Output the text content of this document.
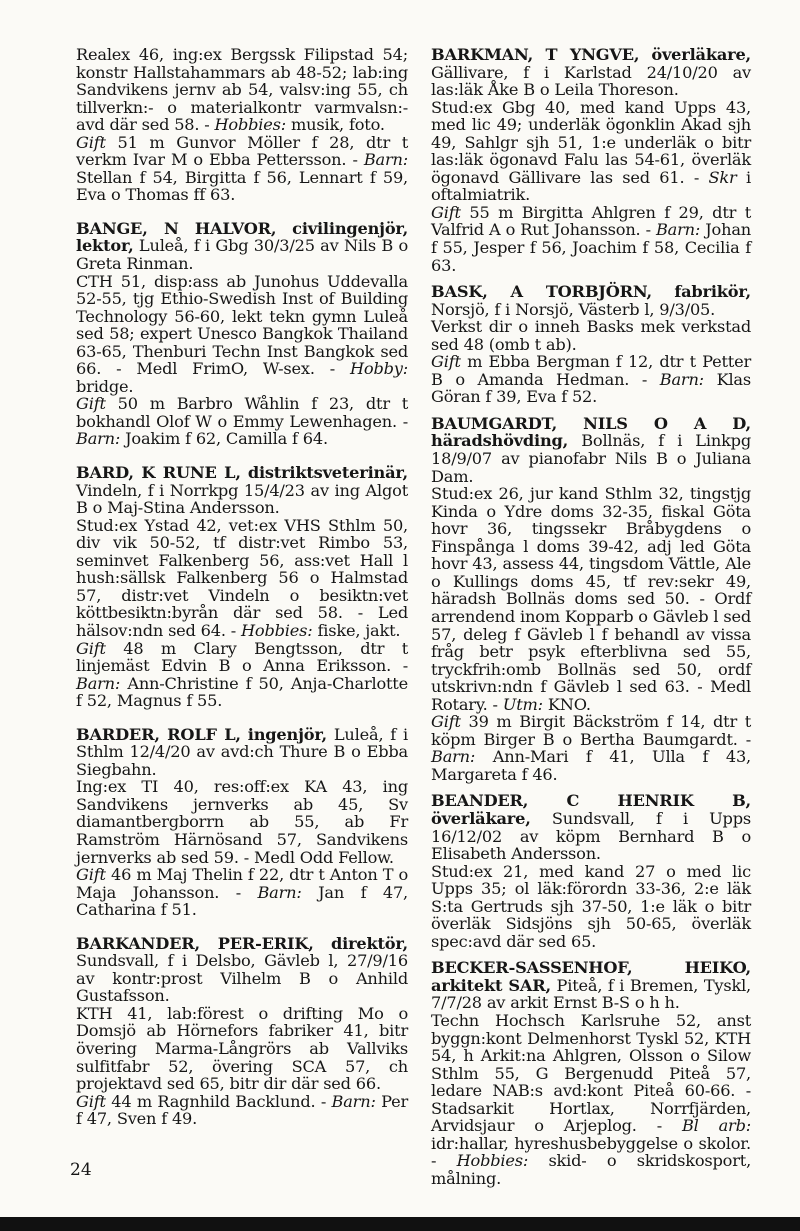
Realex 46, ing:ex Bergssk Filipstad 54; konstr Hallstahammars ab 48-52; lab:ing Sandvikens jernv ab 54, valsv:ing 55, ch tillverkn:- o materialkontr varmvalsn:- avd där sed 58. - Hobbies: musik, foto.

Gift 51 m Gunvor Möller f 28, dtr t verkm Ivar M o Ebba Pettersson. - Barn: Stellan f 54, Birgitta f 56, Lennart f 59, Eva o Thomas ff 63.

BANGE, N HALVOR, civilingenjör, lektor, Luleå, f i Gbg 30/3/25 av Nils B o Greta Rinman.

CTH 51, disp:ass ab Junohus Uddevalla 52-55, tjg Ethio-Swedish Inst of Building Technology 56-60, lekt tekn gymn Luleå sed 58; expert Unesco Bangkok Thailand 63-65, Thenburi Techn Inst Bangkok sed 66. - Medl FrimO, W-sex. - Hobby: bridge.

Gift 50 m Barbro Wåhlin f 23, dtr t bokhandl Olof W o Emmy Lewenhagen. - Barn: Joakim f 62, Camilla f 64.

BARD, K RUNE L, distriktsveterinär, Vindeln, f i Norrkpg 15/4/23 av ing Algot B o Maj-Stina Andersson.

Stud:ex Ystad 42, vet:ex VHS Sthlm 50, div vik 50-52, tf distr:vet Rimbo 53, seminvet Falkenberg 56, ass:vet Hall l hush:sällsk Falkenberg 56 o Halmstad 57, distr:vet Vindeln o besiktn:vet köttbesiktn:byrån där sed 58. - Led hälsov:ndn sed 64. - Hobbies: fiske, jakt.

Gift 48 m Clary Bengtsson, dtr t linjemäst Edvin B o Anna Eriksson. - Barn: Ann-Christine f 50, Anja-Charlotte f 52, Magnus f 55.

BARDER, ROLF L, ingenjör, Luleå, f i Sthlm 12/4/20 av avd:ch Thure B o Ebba Siegbahn.

Ing:ex TI 40, res:off:ex KA 43, ing Sandvikens jernverks ab 45, Sv diamantbergborrn ab 55, ab Fr Ramström Härnösand 57, Sandvikens jernverks ab sed 59. - Medl Odd Fellow.

Gift 46 m Maj Thelin f 22, dtr t Anton T o Maja Johansson. - Barn: Jan f 47, Catharina f 51.

BARKANDER, PER-ERIK, direktör, Sundsvall, f i Delsbo, Gävleb l, 27/9/16 av kontr:prost Vilhelm B o Anhild Gustafsson.

KTH 41, lab:förest o drifting Mo o Domsjö ab Hörnefors fabriker 41, bitr övering Marma-Långrörs ab Vallviks sulfitfabr 52, övering SCA 57, ch projektavd sed 65, bitr dir där sed 66.

Gift 44 m Ragnhild Backlund. - Barn: Per f 47, Sven f 49.

BARKMAN, T YNGVE, överläkare, Gällivare, f i Karlstad 24/10/20 av las:läk Åke B o Leila Thoreson.

Stud:ex Gbg 40, med kand Upps 43, med lic 49; underläk ögonklin Akad sjh 49, Sahlgr sjh 51, 1:e underläk o bitr las:läk ögonavd Falu las 54-61, överläk ögonavd Gällivare las sed 61. - Skr i oftalmiatrik.

Gift 55 m Birgitta Ahlgren f 29, dtr t Valfrid A o Rut Johansson. - Barn: Johan f 55, Jesper f 56, Joachim f 58, Cecilia f 63.

BASK, A TORBJÖRN, fabrikör, Norsjö, f i Norsjö, Västerb l, 9/3/05.

Verkst dir o inneh Basks mek verkstad sed 48 (omb t ab).

Gift m Ebba Bergman f 12, dtr t Petter B o Amanda Hedman. - Barn: Klas Göran f 39, Eva f 52.

BAUMGARDT, NILS O A D, häradshövding, Bollnäs, f i Linkpg 18/9/07 av pianofabr Nils B o Juliana Dam.

Stud:ex 26, jur kand Sthlm 32, tingstjg Kinda o Ydre doms 32-35, fiskal Göta hovr 36, tingssekr Bråbygdens o Finspånga l doms 39-42, adj led Göta hovr 43, assess 44, tingsdom Vättle, Ale o Kullings doms 45, tf rev:sekr 49, häradsh Bollnäs doms sed 50. - Ordf arrendend inom Kopparb o Gävleb l sed 57, deleg f Gävleb l f behandl av vissa fråg betr psyk efterblivna sed 55, tryckfrih:omb Bollnäs sed 50, ordf utskrivn:ndn f Gävleb l sed 63. - Medl Rotary. - Utm: KNO.

Gift 39 m Birgit Bäckström f 14, dtr t köpm Birger B o Bertha Baumgardt. - Barn: Ann-Mari f 41, Ulla f 43, Margareta f 46.

BEANDER, C HENRIK B, överläkare, Sundsvall, f i Upps 16/12/02 av köpm Bernhard B o Elisabeth Andersson.

Stud:ex 21, med kand 27 o med lic Upps 35; ol läk:förordn 33-36, 2:e läk S:ta Gertruds sjh 37-50, 1:e läk o bitr överläk Sidsjöns sjh 50-65, överläk spec:avd där sed 65.

BECKER-SASSENHOF, HEIKO, arkitekt SAR, Piteå, f i Bremen, Tyskl, 7/7/28 av arkit Ernst B-S o h h.

Techn Hochsch Karlsruhe 52, anst byggn:kont Delmenhorst Tyskl 52, KTH 54, h Arkit:na Ahlgren, Olsson o Silow Sthlm 55, G Bergenudd Piteå 57, ledare NAB:s avd:kont Piteå 60-66. - Stadsarkit Hortlax, Norrfjärden, Arvidsjaur o Arjeplog. - Bl arb: idr:hallar, hyreshusbebyggelse o skolor. - Hobbies: skid- o skridskosport, målning.

24
